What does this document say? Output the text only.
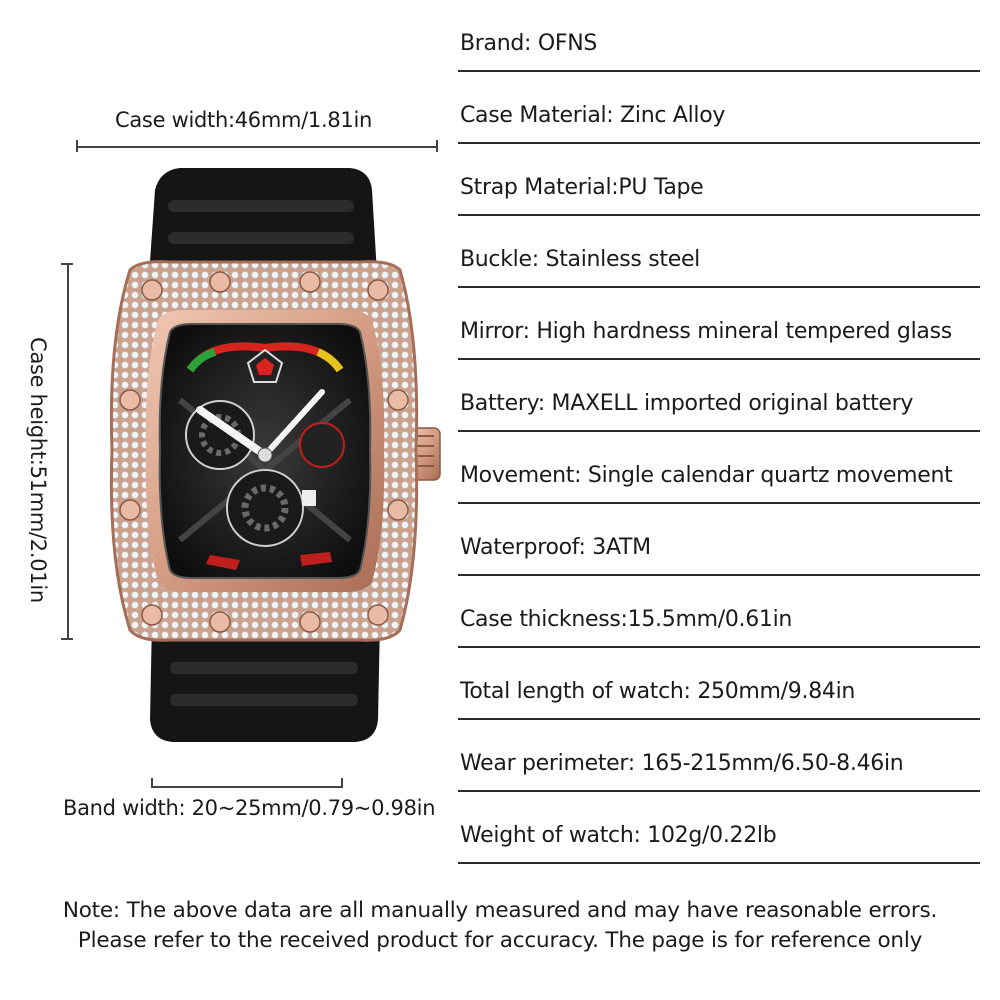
Brand: OFNS
Case Material: Zinc Alloy
Strap Material:PU Tape
Buckle: Stainless steel
Mirror: High hardness mineral tempered glass
Battery: MAXELL imported original battery
Movement: Single calendar quartz movement
Waterproof: 3ATM
Case thickness:15.5mm/0.61in
Total length of watch: 250mm/9.84in
Wear perimeter: 165-215mm/6.50-8.46in
Weight of watch: 102g/0.22lb
Case width:46mm/1.81in
Case height:51mm/2.01in
Band width: 20~25mm/0.79~0.98in
Note: The above data are all manually measured and may have reasonable errors.
Please refer to the received product for accuracy. The page is for reference only
